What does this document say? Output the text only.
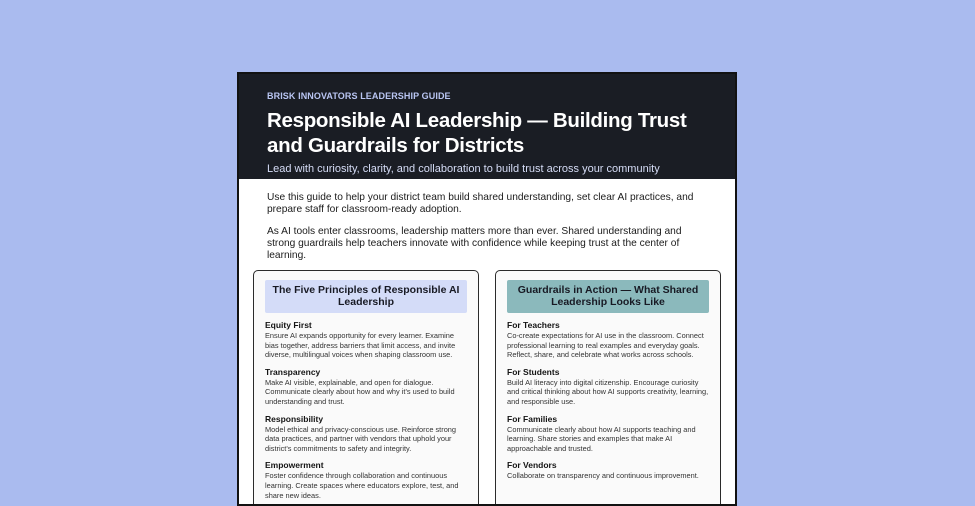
BRISK INNOVATORS LEADERSHIP GUIDE
Responsible AI Leadership — Building Trust
and Guardrails for Districts
Lead with curiosity, clarity, and collaboration to build trust across your community

Use this guide to help your district team build shared understanding, set clear AI practices, and prepare staff for classroom-ready adoption.

As AI tools enter classrooms, leadership matters more than ever. Shared understanding and strong guardrails help teachers innovate with confidence while keeping trust at the center of learning.

The Five Principles of Responsible AI Leadership
Equity First
Ensure AI expands opportunity for every learner. Examine bias together, address barriers that limit access, and invite diverse, multilingual voices when shaping classroom use.
Transparency
Make AI visible, explainable, and open for dialogue. Communicate clearly about how and why it's used to build understanding and trust.
Responsibility
Model ethical and privacy-conscious use. Reinforce strong data practices, and partner with vendors that uphold your district's commitments to safety and integrity.
Empowerment
Foster confidence through collaboration and continuous learning. Create spaces where educators explore, test, and share new ideas.
Guardrails in Action — What Shared Leadership Looks Like
For Teachers
Co-create expectations for AI use in the classroom. Connect professional learning to real examples and everyday goals. Reflect, share, and celebrate what works across schools.
For Students
Build AI literacy into digital citizenship. Encourage curiosity and critical thinking about how AI supports creativity, learning, and responsible use.
For Families
Communicate clearly about how AI supports teaching and learning. Share stories and examples that make AI approachable and trusted.
For Vendors
Collaborate on transparency and continuous improvement.
